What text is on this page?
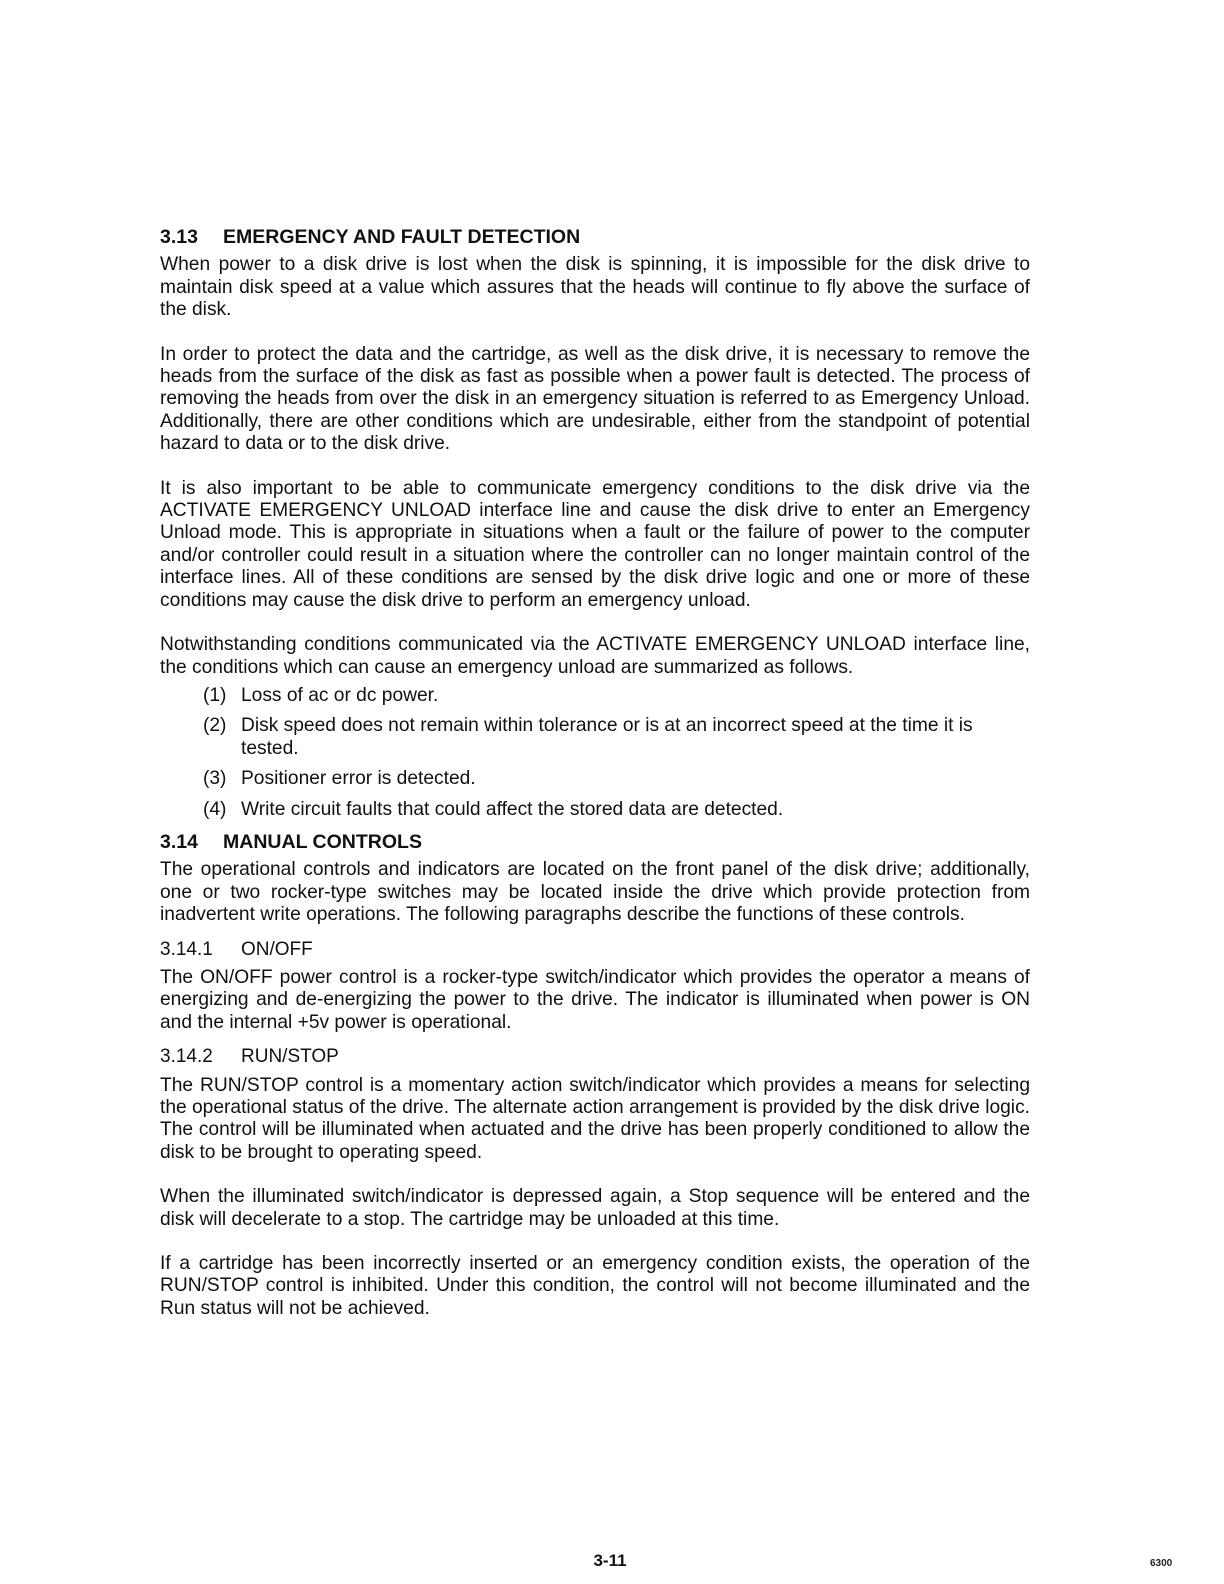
3.13 EMERGENCY AND FAULT DETECTION

When power to a disk drive is lost when the disk is spinning, it is impossible for the disk drive to maintain disk speed at a value which assures that the heads will continue to fly above the surface of the disk.

In order to protect the data and the cartridge, as well as the disk drive, it is necessary to remove the heads from the surface of the disk as fast as possible when a power fault is detected. The process of removing the heads from over the disk in an emergency situation is referred to as Emergency Unload. Additionally, there are other conditions which are undesirable, either from the standpoint of potential hazard to data or to the disk drive.

It is also important to be able to communicate emergency conditions to the disk drive via the ACTIVATE EMERGENCY UNLOAD interface line and cause the disk drive to enter an Emergency Unload mode. This is appropriate in situations when a fault or the failure of power to the computer and/or controller could result in a situation where the controller can no longer maintain control of the interface lines. All of these conditions are sensed by the disk drive logic and one or more of these conditions may cause the disk drive to perform an emergency unload.

Notwithstanding conditions communicated via the ACTIVATE EMERGENCY UNLOAD interface line, the conditions which can cause an emergency unload are summarized as follows.

(1) Loss of ac or dc power.
(2) Disk speed does not remain within tolerance or is at an incorrect speed at the time it is tested.
(3) Positioner error is detected.
(4) Write circuit faults that could affect the stored data are detected.
3.14 MANUAL CONTROLS

The operational controls and indicators are located on the front panel of the disk drive; additionally, one or two rocker-type switches may be located inside the drive which provide protection from inadvertent write operations. The following paragraphs describe the functions of these controls.

3.14.1 ON/OFF

The ON/OFF power control is a rocker-type switch/indicator which provides the operator a means of energizing and de-energizing the power to the drive. The indicator is illuminated when power is ON and the internal +5v power is operational.

3.14.2 RUN/STOP

The RUN/STOP control is a momentary action switch/indicator which provides a means for selecting the operational status of the drive. The alternate action arrangement is provided by the disk drive logic. The control will be illuminated when actuated and the drive has been properly conditioned to allow the disk to be brought to operating speed.

When the illuminated switch/indicator is depressed again, a Stop sequence will be entered and the disk will decelerate to a stop. The cartridge may be unloaded at this time.

If a cartridge has been incorrectly inserted or an emergency condition exists, the operation of the RUN/STOP control is inhibited. Under this condition, the control will not become illuminated and the Run status will not be achieved.

3-11	6300
